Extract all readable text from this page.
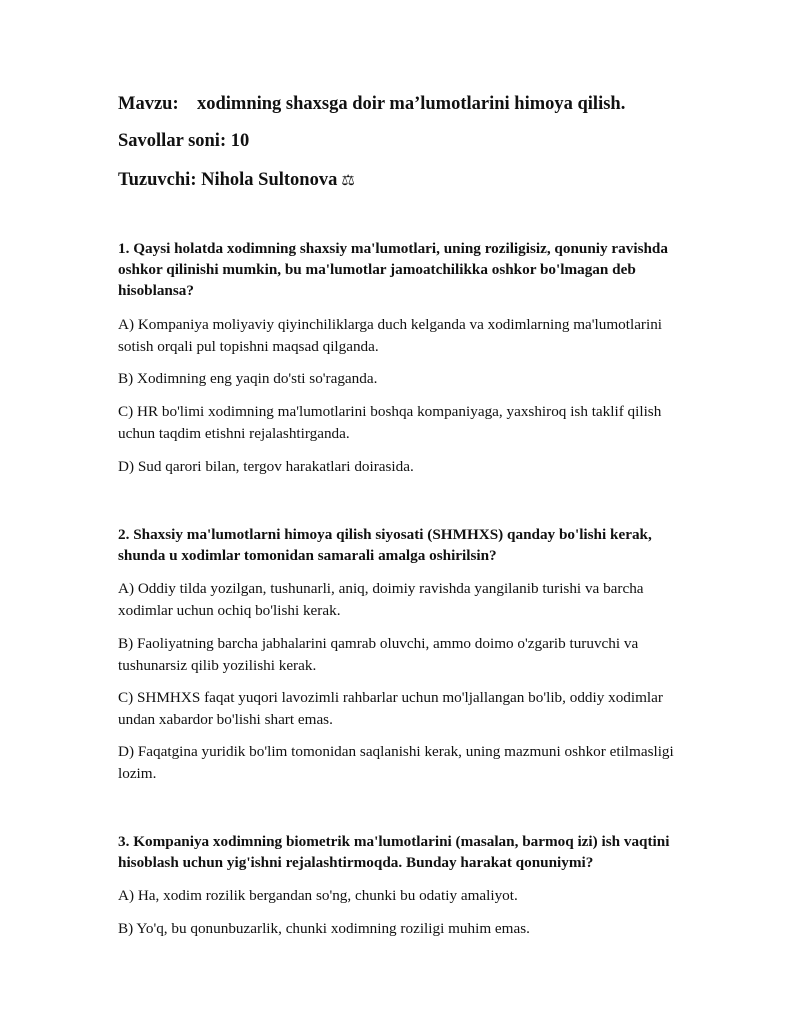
Mavzu: xodimning shaxsga doir ma’lumotlarini himoya qilish.
Savollar soni: 10
Tuzuvchi: Nihola Sultonova ⚖
1. Qaysi holatda xodimning shaxsiy ma'lumotlari, uning roziligisiz, qonuniy ravishda oshkor qilinishi mumkin, bu ma'lumotlar jamoatchilikka oshkor bo'lmagan deb hisoblansa?
A) Kompaniya moliyaviy qiyinchiliklarga duch kelganda va xodimlarning ma'lumotlarini sotish orqali pul topishni maqsad qilganda.
B) Xodimning eng yaqin do'sti so'raganda.
C) HR bo'limi xodimning ma'lumotlarini boshqa kompaniyaga, yaxshiroq ish taklif qilish uchun taqdim etishni rejalashtirganda.
D) Sud qarori bilan, tergov harakatlari doirasida.
2. Shaxsiy ma'lumotlarni himoya qilish siyosati (SHMHXS) qanday bo'lishi kerak, shunda u xodimlar tomonidan samarali amalga oshirilsin?
A) Oddiy tilda yozilgan, tushunarli, aniq, doimiy ravishda yangilanib turishi va barcha xodimlar uchun ochiq bo'lishi kerak.
B) Faoliyatning barcha jabhalarini qamrab oluvchi, ammo doimo o'zgarib turuvchi va tushunarsiz qilib yozilishi kerak.
C) SHMHXS faqat yuqori lavozimli rahbarlar uchun mo'ljallangan bo'lib, oddiy xodimlar undan xabardor bo'lishi shart emas.
D) Faqatgina yuridik bo'lim tomonidan saqlanishi kerak, uning mazmuni oshkor etilmasligi lozim.
3. Kompaniya xodimning biometrik ma'lumotlarini (masalan, barmoq izi) ish vaqtini hisoblash uchun yig'ishni rejalashtirmoqda. Bunday harakat qonuniymi?
A) Ha, xodim rozilik bergandan so'ng, chunki bu odatiy amaliyot.
B) Yo'q, bu qonunbuzarlik, chunki xodimning roziligi muhim emas.
